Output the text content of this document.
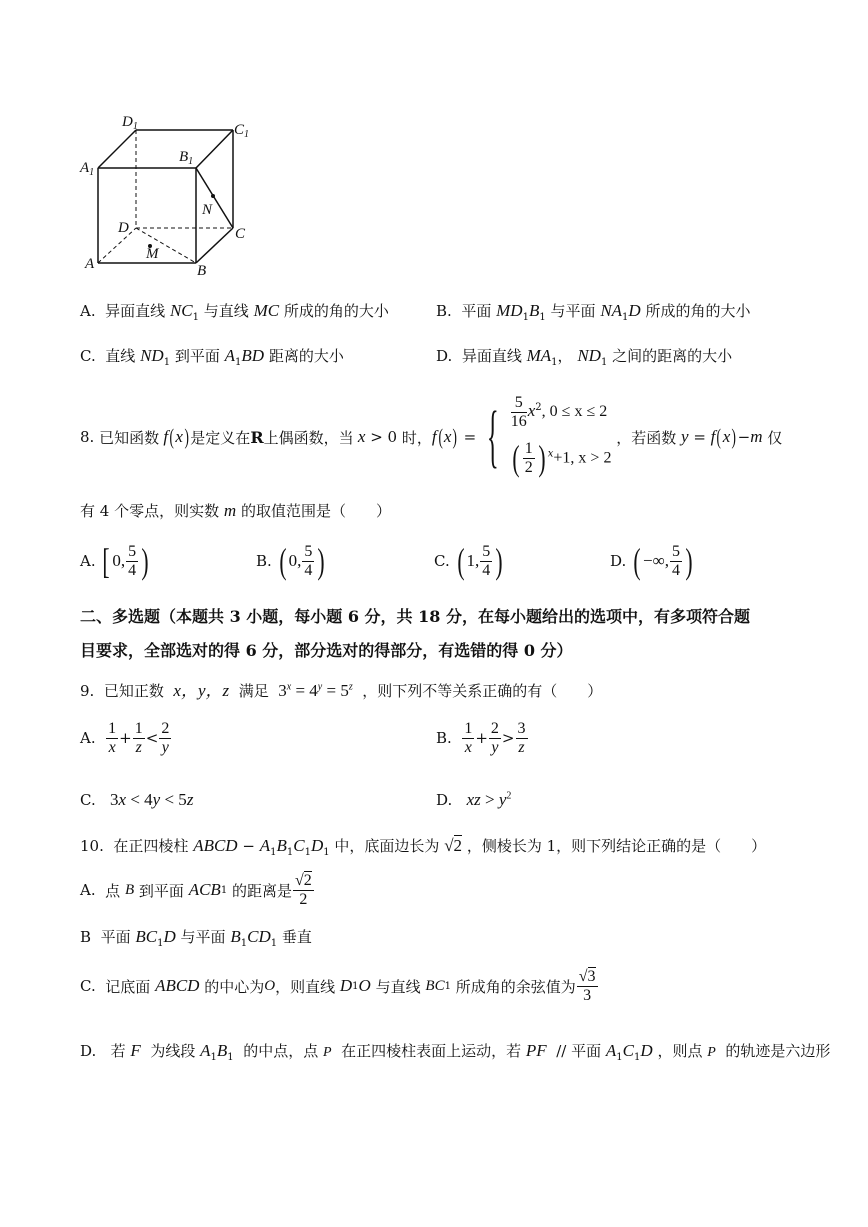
$D_1$	$C_1$
$A_1$
$B_1$
N
D	C
A
M
B
A. 异面直线 $NC_1$ 与直线 MC 所成的角的大小	B. 平面 $MD_1B_1$ 与平面 $NA_1D$ 所成的角的大小
C. 直线 $ND_1$ 到平面 $A_1BD$ 距离的大小	D. 异面直线 $MA_1$， $ND_1$ 之间的距离的大小
8.
已知函数 f ( x ) 是定义在 R 上偶函数，当 x > 0 时， f ( x ) = { $\frac{5}{16} x^2$, 0 ≤ x ≤ 2
( $\frac{1}{2}$ ) $^x$+1, x > 2

，若函数
y = f ( x ) − m
仅
有 4 个零点，则实数 m 的取值范围是（　　）
A.
[ 0, $\frac{5}{4}$ )	B.
( 0, $\frac{5}{4}$ )	C.
( 1, $\frac{5}{4}$ )	D.
( −∞, $\frac{5}{4}$ )
二、多选题（本题共 3 小题，每小题 6 分，共 18 分，在每小题给出的选项中，有多项符合题
目要求，全部选对的得 6 分，部分选对的得部分，有选错的得 0 分）
9. 已知正数 x，y，z 满足 $3^x = 4^y = 5^z$ ，则下列不等关系正确的有（　　）
A.
$\frac{1}{x} + \frac{1}{z} < \frac{2}{y}$	B.
$\frac{1}{x} + \frac{2}{y} > \frac{3}{z}$
C. 3x < 4y < 5z	D. xz > $y^2$
10. 在正四棱柱 ABCD − $A_1B_1C_1D_1$ 中，底面边长为 √2 ，侧棱长为 1，则下列结论正确的是（　　）
A.
点
B
到平面
ACB 1
的距离是 $\frac{√2}{2}$
B 平面 $BC_1D$ 与平面 $B_1CD_1$ 垂直
C.
记底面
ABCD
的中心为 O ，则直线
D 1 O
与直线
BC 1
所成角的余弦值为 $\frac{√3}{3}$
D. 若 F 为线段 $A_1B_1$ 的中点，点 P 在正四棱柱表面上运动，若 PF // 平面 $A_1C_1D$ ，则点 P 的轨迹是六边形
